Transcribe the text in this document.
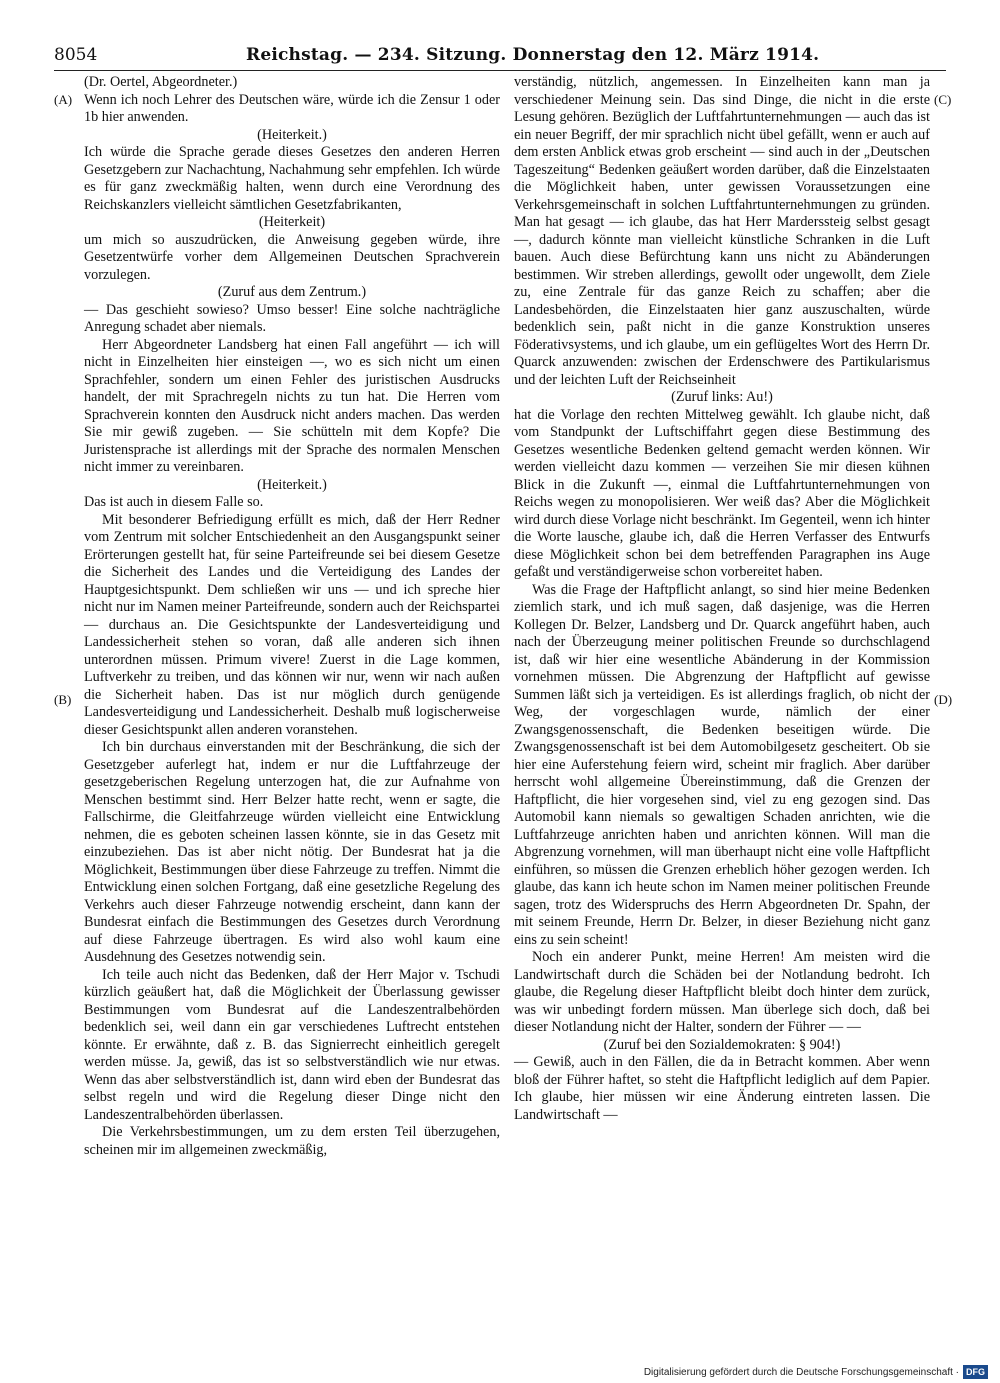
8054	Reichstag. — 234. Sitzung. Donnerstag den 12. März 1914.
(A)
(B)
(C)
(D)

(Dr. Oertel, Abgeordneter.)

Wenn ich noch Lehrer des Deutschen wäre, würde ich die Zensur 1 oder 1b hier anwenden.

(Heiterkeit.)

Ich würde die Sprache gerade dieses Gesetzes den anderen Herren Gesetzgebern zur Nachachtung, Nachahmung sehr empfehlen. Ich würde es für ganz zweckmäßig halten, wenn durch eine Verordnung des Reichskanzlers vielleicht sämtlichen Gesetzfabrikanten,

(Heiterkeit)

um mich so auszudrücken, die Anweisung gegeben würde, ihre Gesetzentwürfe vorher dem Allgemeinen Deutschen Sprachverein vorzulegen.

(Zuruf aus dem Zentrum.)

— Das geschieht sowieso? Umso besser! Eine solche nachträgliche Anregung schadet aber niemals.

Herr Abgeordneter Landsberg hat einen Fall angeführt — ich will nicht in Einzelheiten hier einsteigen —, wo es sich nicht um einen Sprachfehler, sondern um einen Fehler des juristischen Ausdrucks handelt, der mit Sprachregeln nichts zu tun hat. Die Herren vom Sprachverein konnten den Ausdruck nicht anders machen. Das werden Sie mir gewiß zugeben. — Sie schütteln mit dem Kopfe? Die Juristensprache ist allerdings mit der Sprache des normalen Menschen nicht immer zu vereinbaren.

(Heiterkeit.)

Das ist auch in diesem Falle so.

Mit besonderer Befriedigung erfüllt es mich, daß der Herr Redner vom Zentrum mit solcher Entschiedenheit an den Ausgangspunkt seiner Erörterungen gestellt hat, für seine Parteifreunde sei bei diesem Gesetze die Sicherheit des Landes und die Verteidigung des Landes der Hauptgesichtspunkt. Dem schließen wir uns — und ich spreche hier nicht nur im Namen meiner Parteifreunde, sondern auch der Reichspartei — durchaus an. Die Gesichtspunkte der Landesverteidigung und Landessicherheit stehen so voran, daß alle anderen sich ihnen unterordnen müssen. Primum vivere! Zuerst in die Lage kommen, Luftverkehr zu treiben, und das können wir nur, wenn wir nach außen die Sicherheit haben. Das ist nur möglich durch genügende Landesverteidigung und Landessicherheit. Deshalb muß logischerweise dieser Gesichtspunkt allen anderen voranstehen.

Ich bin durchaus einverstanden mit der Beschränkung, die sich der Gesetzgeber auferlegt hat, indem er nur die Luftfahrzeuge der gesetzgeberischen Regelung unterzogen hat, die zur Aufnahme von Menschen bestimmt sind. Herr Belzer hatte recht, wenn er sagte, die Fallschirme, die Gleitfahrzeuge würden vielleicht eine Entwicklung nehmen, die es geboten scheinen lassen könnte, sie in das Gesetz mit einzubeziehen. Das ist aber nicht nötig. Der Bundesrat hat ja die Möglichkeit, Bestimmungen über diese Fahrzeuge zu treffen. Nimmt die Entwicklung einen solchen Fortgang, daß eine gesetzliche Regelung des Verkehrs auch dieser Fahrzeuge notwendig erscheint, dann kann der Bundesrat einfach die Bestimmungen des Gesetzes durch Verordnung auf diese Fahrzeuge übertragen. Es wird also wohl kaum eine Ausdehnung des Gesetzes notwendig sein.

Ich teile auch nicht das Bedenken, daß der Herr Major v. Tschudi kürzlich geäußert hat, daß die Möglichkeit der Überlassung gewisser Bestimmungen vom Bundesrat auf die Landeszentralbehörden bedenklich sei, weil dann ein gar verschiedenes Luftrecht entstehen könnte. Er erwähnte, daß z. B. das Signierrecht einheitlich geregelt werden müsse. Ja, gewiß, das ist so selbstverständlich wie nur etwas. Wenn das aber selbstverständlich ist, dann wird eben der Bundesrat das selbst regeln und wird die Regelung dieser Dinge nicht den Landeszentralbehörden überlassen.

Die Verkehrsbestimmungen, um zu dem ersten Teil überzugehen, scheinen mir im allgemeinen zweckmäßig,

verständig, nützlich, angemessen. In Einzelheiten kann man ja verschiedener Meinung sein. Das sind Dinge, die nicht in die erste Lesung gehören. Bezüglich der Luftfahrtunternehmungen — auch das ist ein neuer Begriff, der mir sprachlich nicht übel gefällt, wenn er auch auf dem ersten Anblick etwas grob erscheint — sind auch in der „Deutschen Tageszeitung“ Bedenken geäußert worden darüber, daß die Einzelstaaten die Möglichkeit haben, unter gewissen Voraussetzungen eine Verkehrsgemeinschaft in solchen Luftfahrtunternehmungen zu gründen. Man hat gesagt — ich glaube, das hat Herr Marderssteig selbst gesagt —, dadurch könnte man vielleicht künstliche Schranken in die Luft bauen. Auch diese Befürchtung kann uns nicht zu Abänderungen bestimmen. Wir streben allerdings, gewollt oder ungewollt, dem Ziele zu, eine Zentrale für das ganze Reich zu schaffen; aber die Landesbehörden, die Einzelstaaten hier ganz auszuschalten, würde bedenklich sein, paßt nicht in die ganze Konstruktion unseres Föderativsystems, und ich glaube, um ein geflügeltes Wort des Herrn Dr. Quarck anzuwenden: zwischen der Erdenschwere des Partikularismus und der leichten Luft der Reichseinheit

(Zuruf links: Au!)

hat die Vorlage den rechten Mittelweg gewählt. Ich glaube nicht, daß vom Standpunkt der Luftschiffahrt gegen diese Bestimmung des Gesetzes wesentliche Bedenken geltend gemacht werden können. Wir werden vielleicht dazu kommen — verzeihen Sie mir diesen kühnen Blick in die Zukunft —, einmal die Luftfahrtunternehmungen von Reichs wegen zu monopolisieren. Wer weiß das? Aber die Möglichkeit wird durch diese Vorlage nicht beschränkt. Im Gegenteil, wenn ich hinter die Worte lausche, glaube ich, daß die Herren Verfasser des Entwurfs diese Möglichkeit schon bei dem betreffenden Paragraphen ins Auge gefaßt und verständigerweise schon vorbereitet haben.

Was die Frage der Haftpflicht anlangt, so sind hier meine Bedenken ziemlich stark, und ich muß sagen, daß dasjenige, was die Herren Kollegen Dr. Belzer, Landsberg und Dr. Quarck angeführt haben, auch nach der Überzeugung meiner politischen Freunde so durchschlagend ist, daß wir hier eine wesentliche Abänderung in der Kommission vornehmen müssen. Die Abgrenzung der Haftpflicht auf gewisse Summen läßt sich ja verteidigen. Es ist allerdings fraglich, ob nicht der Weg, der vorgeschlagen wurde, nämlich der einer Zwangsgenossenschaft, die Bedenken beseitigen würde. Die Zwangsgenossenschaft ist bei dem Automobilgesetz gescheitert. Ob sie hier eine Auferstehung feiern wird, scheint mir fraglich. Aber darüber herrscht wohl allgemeine Übereinstimmung, daß die Grenzen der Haftpflicht, die hier vorgesehen sind, viel zu eng gezogen sind. Das Automobil kann niemals so gewaltigen Schaden anrichten, wie die Luftfahrzeuge anrichten haben und anrichten können. Will man die Abgrenzung vornehmen, will man überhaupt nicht eine volle Haftpflicht einführen, so müssen die Grenzen erheblich höher gezogen werden. Ich glaube, das kann ich heute schon im Namen meiner politischen Freunde sagen, trotz des Widerspruchs des Herrn Abgeordneten Dr. Spahn, der mit seinem Freunde, Herrn Dr. Belzer, in dieser Beziehung nicht ganz eins zu sein scheint!

Noch ein anderer Punkt, meine Herren! Am meisten wird die Landwirtschaft durch die Schäden bei der Notlandung bedroht. Ich glaube, die Regelung dieser Haftpflicht bleibt doch hinter dem zurück, was wir unbedingt fordern müssen. Man überlege sich doch, daß bei dieser Notlandung nicht der Halter, sondern der Führer — —

(Zuruf bei den Sozialdemokraten: § 904!)

— Gewiß, auch in den Fällen, die da in Betracht kommen. Aber wenn bloß der Führer haftet, so steht die Haftpflicht lediglich auf dem Papier. Ich glaube, hier müssen wir eine Änderung eintreten lassen. Die Landwirtschaft —

Digitalisierung gefördert durch die Deutsche Forschungsgemeinschaft · DFG
